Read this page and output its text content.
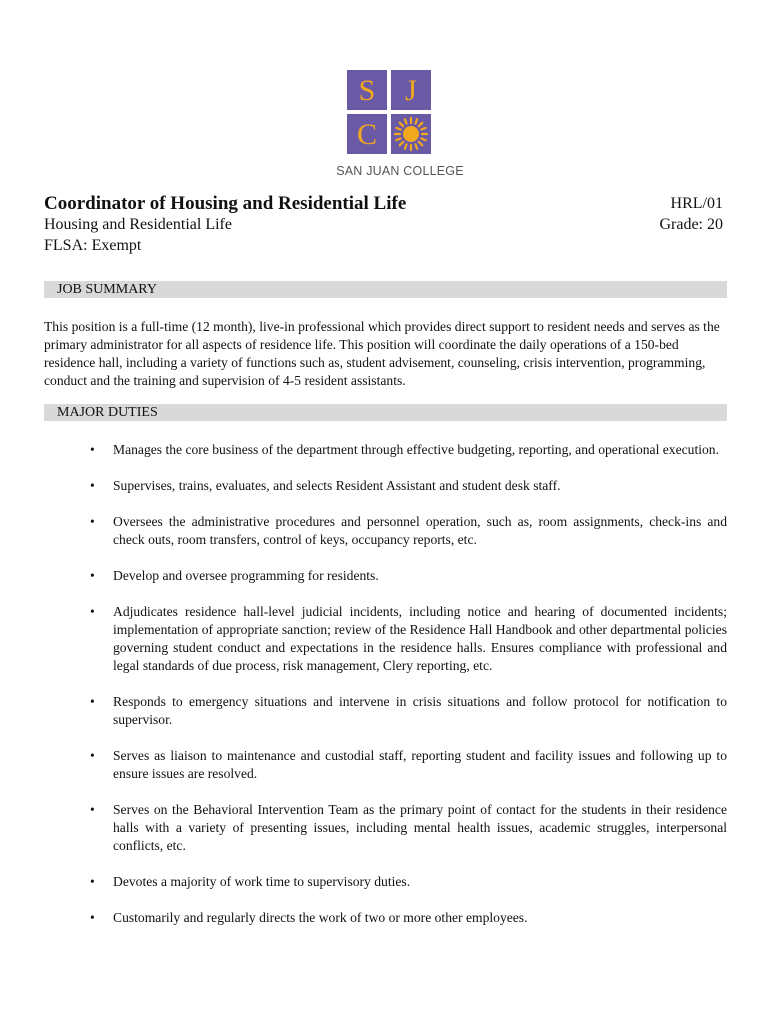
S J
C
SAN JUAN COLLEGE
Coordinator of Housing and Residential Life
Housing and Residential Life
FLSA: Exempt
HRL/01
Grade: 20
JOB SUMMARY
This position is a full-time (12 month), live-in professional which provides direct support to resident needs and serves as the primary administrator for all aspects of residence life. This position will coordinate the daily operations of a 150-bed residence hall, including a variety of functions such as, student advisement, counseling, crisis intervention, programming, conduct and the training and supervision of 4-5 resident assistants.
MAJOR DUTIES
• Manages the core business of the department through effective budgeting, reporting, and operational execution.
• Supervises, trains, evaluates, and selects Resident Assistant and student desk staff.
• Oversees the administrative procedures and personnel operation, such as, room assignments, check-ins and check outs, room transfers, control of keys, occupancy reports, etc.
• Develop and oversee programming for residents.
• Adjudicates residence hall-level judicial incidents, including notice and hearing of documented incidents; implementation of appropriate sanction; review of the Residence Hall Handbook and other departmental policies governing student conduct and expectations in the residence halls. Ensures compliance with professional and legal standards of due process, risk management, Clery reporting, etc.
• Responds to emergency situations and intervene in crisis situations and follow protocol for notification to supervisor.
• Serves as liaison to maintenance and custodial staff, reporting student and facility issues and following up to ensure issues are resolved.
• Serves on the Behavioral Intervention Team as the primary point of contact for the students in their residence halls with a variety of presenting issues, including mental health issues, academic struggles, interpersonal conflicts, etc.
• Devotes a majority of work time to supervisory duties.
• Customarily and regularly directs the work of two or more other employees.
